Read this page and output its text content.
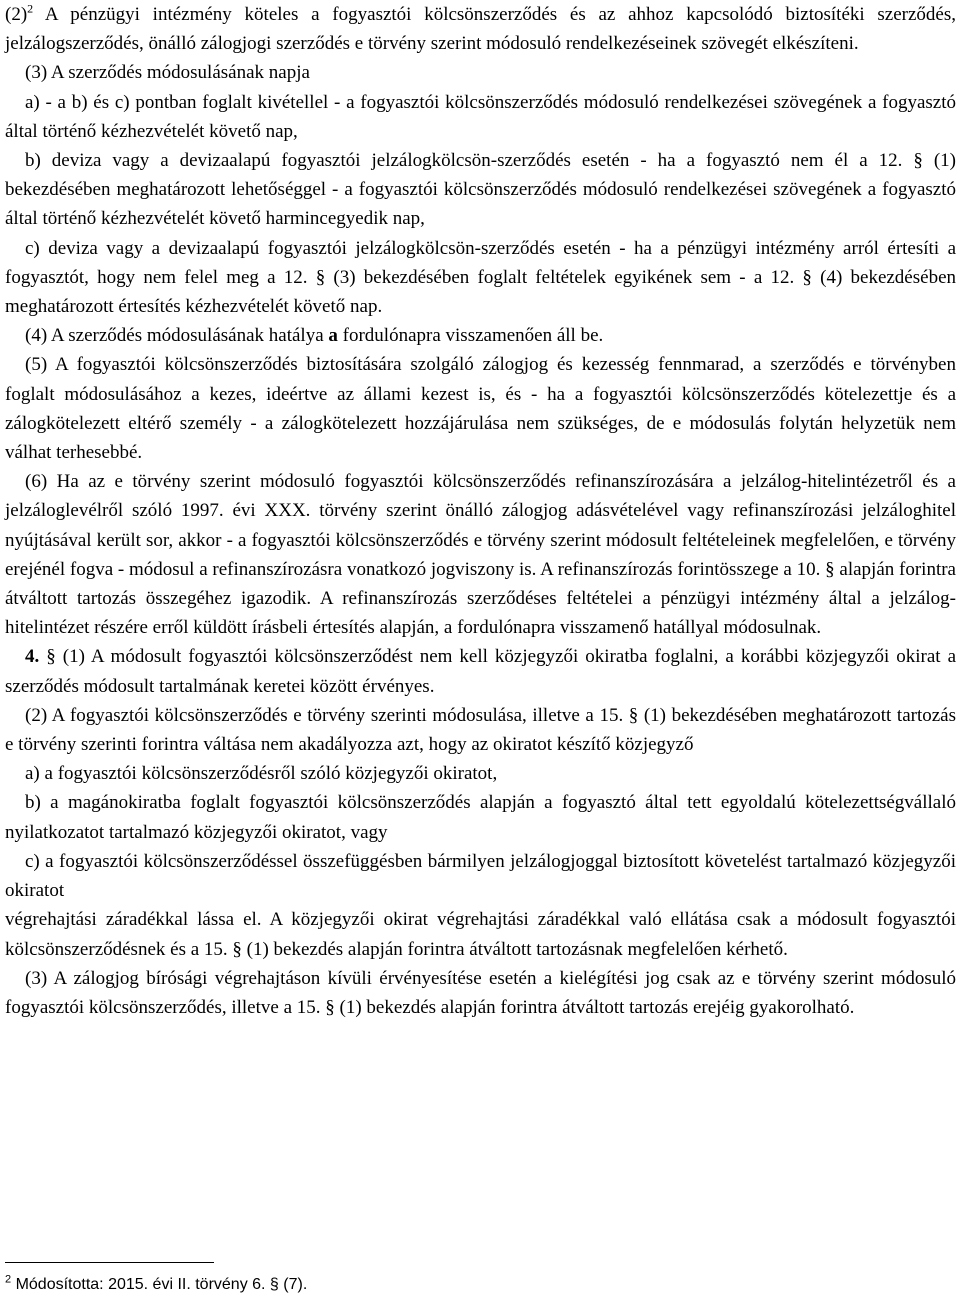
$(2)^2$ A pénzügyi intézmény köteles a fogyasztói kölcsönszerződés és az ahhoz kapcsolódó biztosítéki szerződés, jelzálogszerződés, önálló zálogjogi szerződés e törvény szerint módosuló rendelkezéseinek szövegét elkészíteni.

(3) A szerződés módosulásának napja

a) - a b) és c) pontban foglalt kivétellel - a fogyasztói kölcsönszerződés módosuló rendelkezései szövegének a fogyasztó által történő kézhezvételét követő nap,

b) deviza vagy a devizaalapú fogyasztói jelzálogkölcsön-szerződés esetén - ha a fogyasztó nem él a 12. § (1) bekezdésében meghatározott lehetőséggel - a fogyasztói kölcsönszerződés módosuló rendelkezései szövegének a fogyasztó által történő kézhezvételét követő harmincegyedik nap,

c) deviza vagy a devizaalapú fogyasztói jelzálogkölcsön-szerződés esetén - ha a pénzügyi intézmény arról értesíti a fogyasztót, hogy nem felel meg a 12. § (3) bekezdésében foglalt feltételek egyikének sem - a 12. § (4) bekezdésében meghatározott értesítés kézhezvételét követő nap.

(4) A szerződés módosulásának hatálya a fordulónapra visszamenően áll be.

(5) A fogyasztói kölcsönszerződés biztosítására szolgáló zálogjog és kezesség fennmarad, a szerződés e törvényben foglalt módosulásához a kezes, ideértve az állami kezest is, és - ha a fogyasztói kölcsönszerződés kötelezettje és a zálogkötelezett eltérő személy - a zálogkötelezett hozzájárulása nem szükséges, de e módosulás folytán helyzetük nem válhat terhesebbé.

(6) Ha az e törvény szerint módosuló fogyasztói kölcsönszerződés refinanszírozására a jelzálog-hitelintézetről és a jelzáloglevélről szóló 1997. évi XXX. törvény szerint önálló zálogjog adásvételével vagy refinanszírozási jelzáloghitel nyújtásával került sor, akkor - a fogyasztói kölcsönszerződés e törvény szerint módosult feltételeinek megfelelően, e törvény erejénél fogva - módosul a refinanszírozásra vonatkozó jogviszony is. A refinanszírozás forintösszege a 10. § alapján forintra átváltott tartozás összegéhez igazodik. A refinanszírozás szerződéses feltételei a pénzügyi intézmény által a jelzálog-hitelintézet részére erről küldött írásbeli értesítés alapján, a fordulónapra visszamenő hatállyal módosulnak.

4. § (1) A módosult fogyasztói kölcsönszerződést nem kell közjegyzői okiratba foglalni, a korábbi közjegyzői okirat a szerződés módosult tartalmának keretei között érvényes.

(2) A fogyasztói kölcsönszerződés e törvény szerinti módosulása, illetve a 15. § (1) bekezdésében meghatározott tartozás e törvény szerinti forintra váltása nem akadályozza azt, hogy az okiratot készítő közjegyző

a) a fogyasztói kölcsönszerződésről szóló közjegyzői okiratot,

b) a magánokiratba foglalt fogyasztói kölcsönszerződés alapján a fogyasztó által tett egyoldalú kötelezettségvállaló nyilatkozatot tartalmazó közjegyzői okiratot, vagy

c) a fogyasztói kölcsönszerződéssel összefüggésben bármilyen jelzálogjoggal biztosított követelést tartalmazó közjegyzői okiratot

végrehajtási záradékkal lássa el. A közjegyzői okirat végrehajtási záradékkal való ellátása csak a módosult fogyasztói kölcsönszerződésnek és a 15. § (1) bekezdés alapján forintra átváltott tartozásnak megfelelően kérhető.

(3) A zálogjog bírósági végrehajtáson kívüli érvényesítése esetén a kielégítési jog csak az e törvény szerint módosuló fogyasztói kölcsönszerződés, illetve a 15. § (1) bekezdés alapján forintra átváltott tartozás erejéig gyakorolható.

$^2$ Módosította: 2015. évi II. törvény 6. § (7).
